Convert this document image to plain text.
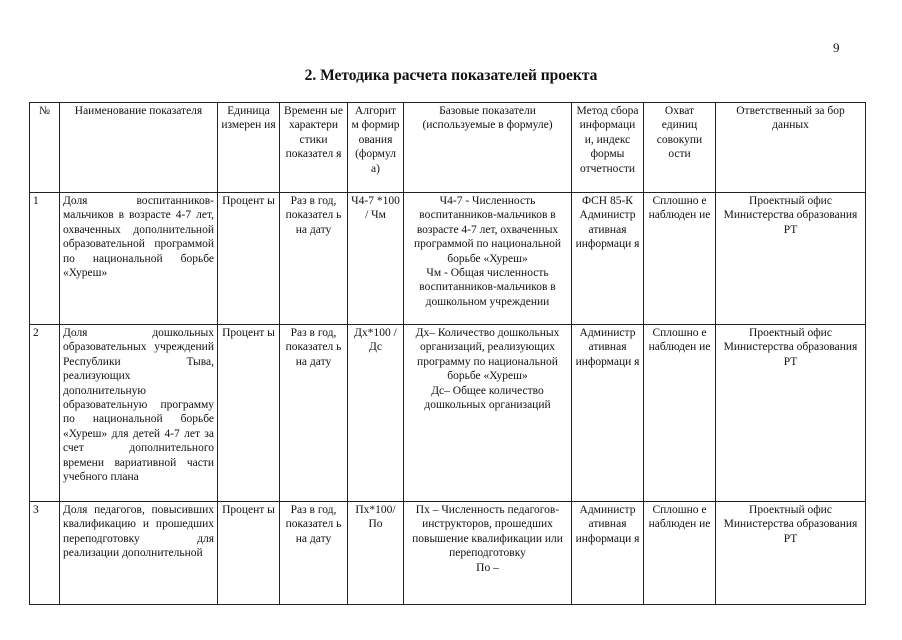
9
2. Методика расчета показателей проекта
№	Наименование показателя	Единица измерен ия	Временн ые характери стики показател я	Алгорит м формир ования (формул а)	Базовые показатели (используемые в формуле)	Метод сбора информаци и, индекс формы отчетности	Охват единиц совокупи ости	Ответственный за бор данных
1	Доля воспитанников-мальчиков в возрасте 4-7 лет, охваченных дополнительной образовательной программой по национальной борьбе «Хуреш»	Процент ы	Раз в год, показател ь на дату	Ч4-7 *100 / Чм	Ч4-7 - Численность воспитанников-мальчиков в возрасте 4-7 лет, охваченных программой по национальной борьбе «Хуреш»
Чм - Общая численность воспитанников-мальчиков в дошкольном учреждении	ФСН 85-К Администр ативная информаци я	Сплошно е наблюден ие	Проектный офис Министерства образования РТ
2	Доля дошкольных образовательных учреждений Республики Тыва, реализующих дополнительную образовательную программу по национальной борьбе «Хуреш» для детей 4-7 лет за счет дополнительного времени вариативной части учебного плана	Процент ы	Раз в год, показател ь на дату	Дх*100 / Дс	Дх– Количество дошкольных организаций, реализующих программу по национальной борьбе «Хуреш»
Дс– Общее количество дошкольных организаций	Администр ативная информаци я	Сплошно е наблюден ие	Проектный офис Министерства образования РТ
3	Доля педагогов, повысивших квалификацию и прошедших переподготовку для реализации дополнительной	Процент ы	Раз в год, показател ь на дату	Пх*100/ По	Пх – Численность педагогов-инструкторов, прошедших повышение квалификации или переподготовку
По –	Администр ативная информаци я	Сплошно е наблюден ие	Проектный офис Министерства образования РТ
